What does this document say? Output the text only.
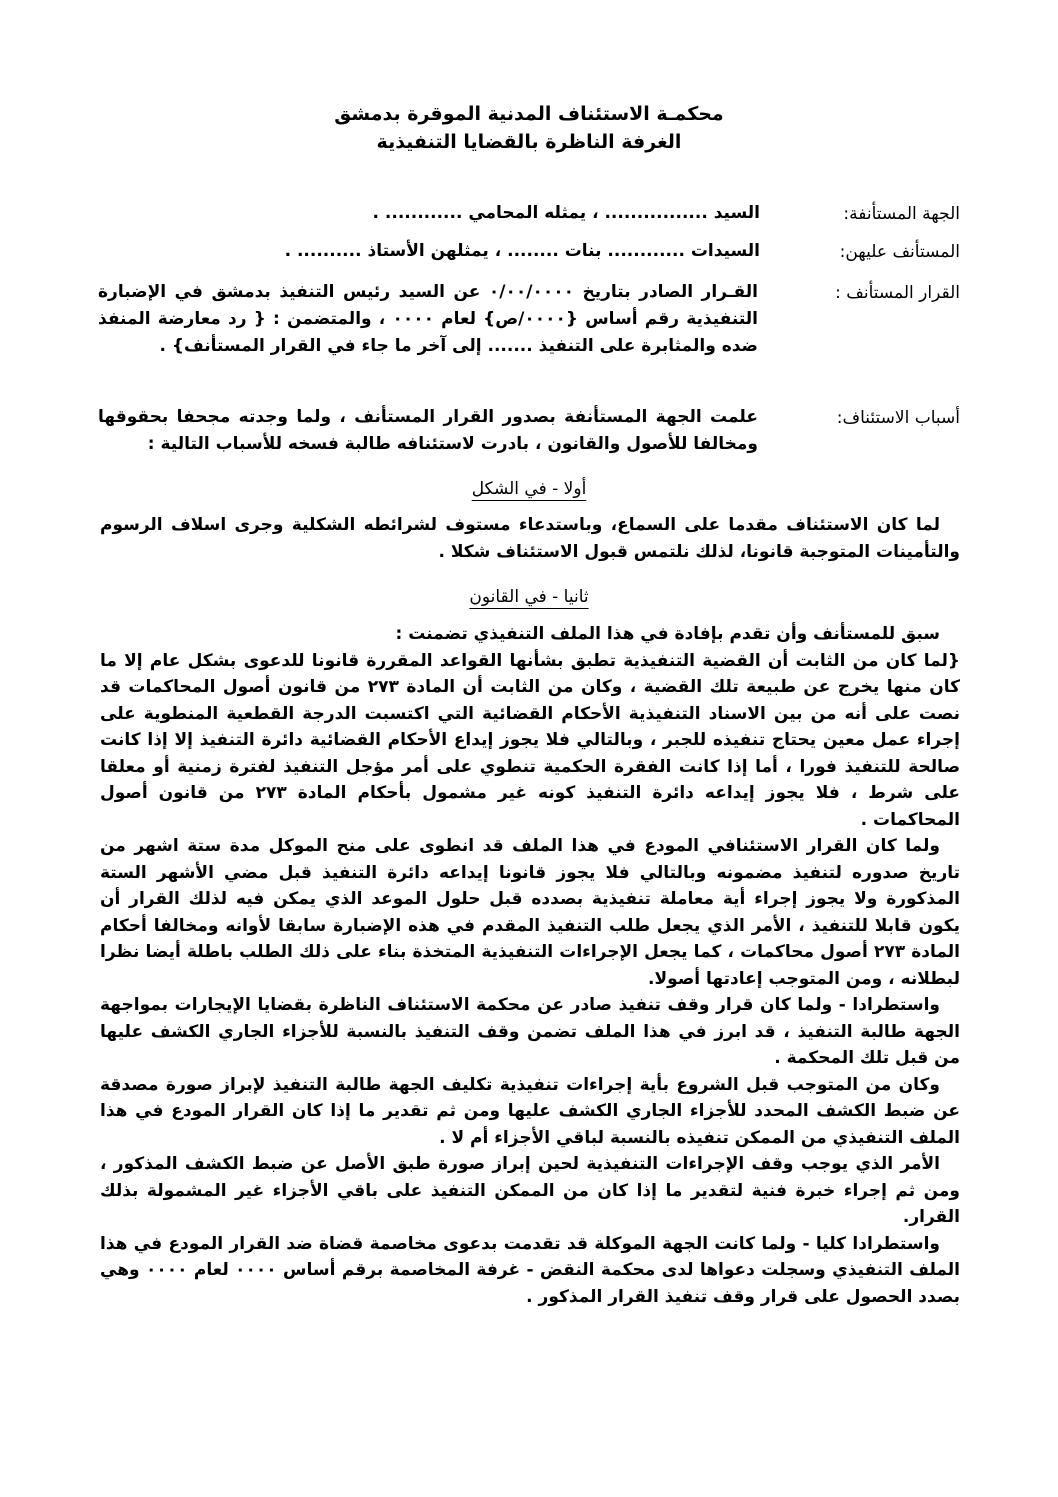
محكمـة الاستئناف المدنية الموقرة بدمشق
الغرفة الناظرة بالقضايا التنفيذية
الجهة المستأنفة:
السيد ................ ، يمثله المحامي ............ .
المستأنف عليهن:
السيدات ............ بنات ........ ، يمثلهن الأستاذ .......... .
القرار المستأنف :
القـرار الصادر بتاريخ ٠/٠٠/٠٠٠٠ عن السيد رئيس التنفيذ بدمشق في الإضبارة التنفيذية رقم أساس {٠٠٠٠/ص} لعام ٠٠٠٠ ، والمتضمن : { رد معارضة المنفذ ضده والمثابرة على التنفيذ ....... إلى آخر ما جاء في القرار المستأنف} .
أسباب الاستئناف:
علمت الجهة المستأنفة بصدور القرار المستأنف ، ولما وجدته مجحفا بحقوقها ومخالفا للأصول والقانون ، بادرت لاستئنافه طالبة فسخه للأسباب التالية :
أولا - في الشكل

لما كان الاستئناف مقدما على السماع، وباستدعاء مستوف لشرائطه الشكلية وجرى اسلاف الرسوم والتأمينات المتوجبة قانونا، لذلك نلتمس قبول الاستئناف شكلا .

ثانيا - في القانون

سبق للمستأنف وأن تقدم بإفادة في هذا الملف التنفيذي تضمنت :

{لما كان من الثابت أن القضية التنفيذية تطبق بشأنها القواعد المقررة قانونا للدعوى بشكل عام إلا ما كان منها يخرج عن طبيعة تلك القضية ، وكان من الثابت أن المادة ٢٧٣ من قانون أصول المحاكمات قد نصت على أنه من بين الاسناد التنفيذية الأحكام القضائية التي اكتسبت الدرجة القطعية المنطوية على إجراء عمل معين يحتاج تنفيذه للجبر ، وبالتالي فلا يجوز إيداع الأحكام القضائية دائرة التنفيذ إلا إذا كانت صالحة للتنفيذ فورا ، أما إذا كانت الفقرة الحكمية تنطوي على أمر مؤجل التنفيذ لفترة زمنية أو معلقا على شرط ، فلا يجوز إيداعه دائرة التنفيذ كونه غير مشمول بأحكام المادة ٢٧٣ من قانون أصول المحاكمات .

ولما كان القرار الاستئنافي المودع في هذا الملف قد انطوى على منح الموكل مدة ستة اشهر من تاريخ صدوره لتنفيذ مضمونه وبالتالي فلا يجوز قانونا إيداعه دائرة التنفيذ قبل مضي الأشهر الستة المذكورة ولا يجوز إجراء أية معاملة تنفيذية بصدده قبل حلول الموعد الذي يمكن فيه لذلك القرار أن يكون قابلا للتنفيذ ، الأمر الذي يجعل طلب التنفيذ المقدم في هذه الإضبارة سابقا لأوانه ومخالفا أحكام المادة ٢٧٣ أصول محاكمات ، كما يجعل الإجراءات التنفيذية المتخذة بناء على ذلك الطلب باطلة أيضا نظرا لبطلانه ، ومن المتوجب إعادتها أصولا.

واستطرادا - ولما كان قرار وقف تنفيذ صادر عن محكمة الاستئناف الناظرة بقضايا الإيجارات بمواجهة الجهة طالبة التنفيذ ، قد ابرز في هذا الملف تضمن وقف التنفيذ بالنسبة للأجزاء الجاري الكشف عليها من قبل تلك المحكمة .

وكان من المتوجب قبل الشروع بأية إجراءات تنفيذية تكليف الجهة طالبة التنفيذ لإبراز صورة مصدقة عن ضبط الكشف المحدد للأجزاء الجاري الكشف عليها ومن ثم تقدير ما إذا كان القرار المودع في هذا الملف التنفيذي من الممكن تنفيذه بالنسبة لباقي الأجزاء أم لا .

الأمر الذي يوجب وقف الإجراءات التنفيذية لحين إبراز صورة طبق الأصل عن ضبط الكشف المذكور ، ومن ثم إجراء خبرة فنية لتقدير ما إذا كان من الممكن التنفيذ على باقي الأجزاء غير المشمولة بذلك القرار.

واستطرادا كليا - ولما كانت الجهة الموكلة قد تقدمت بدعوى مخاصمة قضاة ضد القرار المودع في هذا الملف التنفيذي وسجلت دعواها لدى محكمة النقض - غرفة المخاصمة برقم أساس ٠٠٠٠ لعام ٠٠٠٠ وهي بصدد الحصول على قرار وقف تنفيذ القرار المذكور .
